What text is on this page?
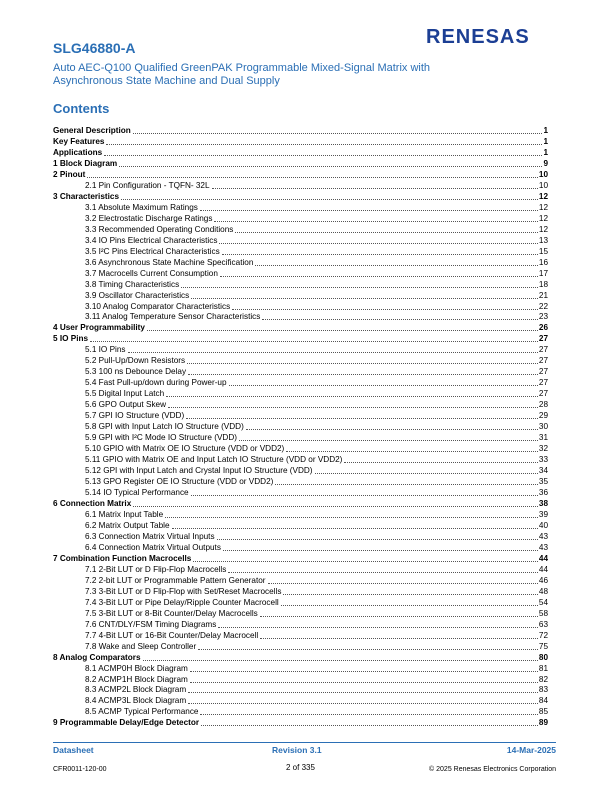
SLG46880-A	RENESAS
Auto AEC-Q100 Qualified GreenPAK Programmable Mixed-Signal Matrix with Asynchronous State Machine and Dual Supply
Contents
General Description	1
Key Features	1
Applications	1
1 Block Diagram	9
2 Pinout	10
2.1 Pin Configuration - TQFN- 32L	10
3 Characteristics	12
3.1 Absolute Maximum Ratings	12
3.2 Electrostatic Discharge Ratings	12
3.3 Recommended Operating Conditions	12
3.4 IO Pins Electrical Characteristics	13
3.5 I²C Pins Electrical Characteristics	15
3.6 Asynchronous State Machine Specification	16
3.7 Macrocells Current Consumption	17
3.8 Timing Characteristics	18
3.9 Oscillator Characteristics	21
3.10 Analog Comparator Characteristics	22
3.11 Analog Temperature Sensor Characteristics	23
4 User Programmability	26
5 IO Pins	27
5.1 IO Pins	27
5.2 Pull-Up/Down Resistors	27
5.3 100 ns Debounce Delay	27
5.4 Fast Pull-up/down during Power-up	27
5.5 Digital Input Latch	27
5.6 GPO Output Skew	28
5.7 GPI IO Structure (VDD)	29
5.8 GPI with Input Latch IO Structure (VDD)	30
5.9 GPI with I²C Mode IO Structure (VDD)	31
5.10 GPIO with Matrix OE IO Structure (VDD or VDD2)	32
5.11 GPIO with Matrix OE and Input Latch IO Structure (VDD or VDD2)	33
5.12 GPI with Input Latch and Crystal Input IO Structure (VDD)	34
5.13 GPO Register OE IO Structure (VDD or VDD2)	35
5.14 IO Typical Performance	36
6 Connection Matrix	38
6.1 Matrix Input Table	39
6.2 Matrix Output Table	40
6.3 Connection Matrix Virtual Inputs	43
6.4 Connection Matrix Virtual Outputs	43
7 Combination Function Macrocells	44
7.1 2-Bit LUT or D Flip-Flop Macrocells	44
7.2 2-bit LUT or Programmable Pattern Generator	46
7.3 3-Bit LUT or D Flip-Flop with Set/Reset Macrocells	48
7.4 3-Bit LUT or Pipe Delay/Ripple Counter Macrocell	54
7.5 3-Bit LUT or 8-Bit Counter/Delay Macrocells	58
7.6 CNT/DLY/FSM Timing Diagrams	63
7.7 4-Bit LUT or 16-Bit Counter/Delay Macrocell	72
7.8 Wake and Sleep Controller	75
8 Analog Comparators	80
8.1 ACMP0H Block Diagram	81
8.2 ACMP1H Block Diagram	82
8.3 ACMP2L Block Diagram	83
8.4 ACMP3L Block Diagram	84
8.5 ACMP Typical Performance	85
9 Programmable Delay/Edge Detector	89
Datasheet	Revision 3.1	14-Mar-2025
CFR0011-120-00	2 of 335	© 2025 Renesas Electronics Corporation
